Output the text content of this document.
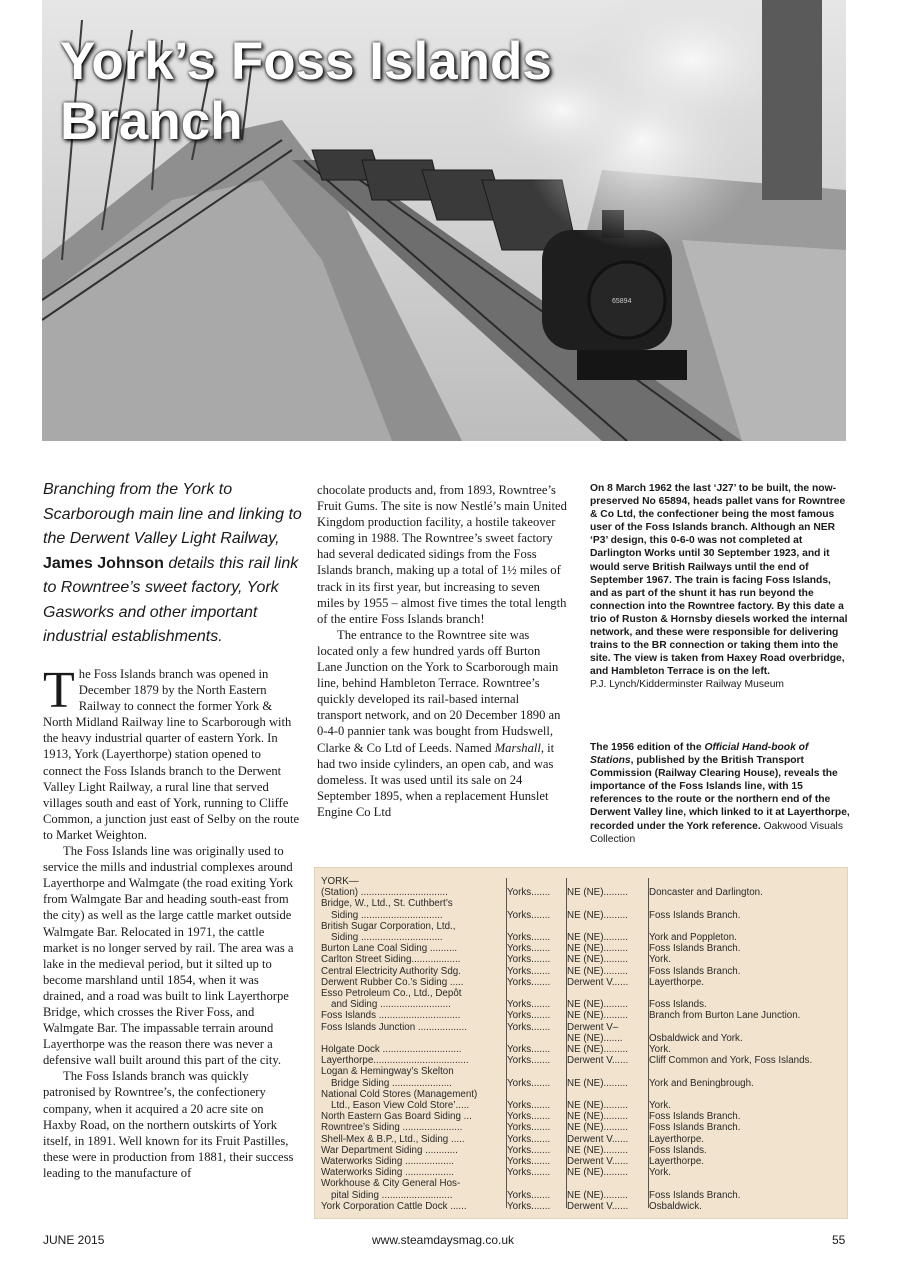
65894
York’s Foss Islands
Branch
Branching from the York to Scarborough main line and linking to the Derwent Valley Light Railway, James Johnson details this rail link to Rowntree’s sweet factory, York Gasworks and other important industrial establishments.

The Foss Islands branch was opened in December 1879 by the North Eastern Railway to connect the former York & North Midland Railway line to Scarborough with the heavy industrial quarter of eastern York. In 1913, York (Layerthorpe) station opened to connect the Foss Islands branch to the Derwent Valley Light Railway, a rural line that served villages south and east of York, running to Cliffe Common, a junction just east of Selby on the route to Market Weighton.

The Foss Islands line was originally used to service the mills and industrial complexes around Layerthorpe and Walmgate (the road exiting York from Walmgate Bar and heading south-east from the city) as well as the large cattle market outside Walmgate Bar. Relocated in 1971, the cattle market is no longer served by rail. The area was a lake in the medieval period, but it silted up to become marshland until 1854, when it was drained, and a road was built to link Layerthorpe Bridge, which crosses the River Foss, and Walmgate Bar. The impassable terrain around Layerthorpe was the reason there was never a defensive wall built around this part of the city.

The Foss Islands branch was quickly patronised by Rowntree’s, the confectionery company, when it acquired a 20 acre site on Haxby Road, on the northern outskirts of York itself, in 1891. Well known for its Fruit Pastilles, these were in production from 1881, their success leading to the manufacture of

chocolate products and, from 1893, Rowntree’s Fruit Gums. The site is now Nestlé’s main United Kingdom production facility, a hostile takeover coming in 1988. The Rowntree’s sweet factory had several dedicated sidings from the Foss Islands branch, making up a total of 1½ miles of track in its first year, but increasing to seven miles by 1955 – almost five times the total length of the entire Foss Islands branch!

The entrance to the Rowntree site was located only a few hundred yards off Burton Lane Junction on the York to Scarborough main line, behind Hambleton Terrace. Rowntree’s quickly developed its rail-based internal transport network, and on 20 December 1890 an 0-4-0 pannier tank was bought from Hudswell, Clarke & Co Ltd of Leeds. Named Marshall, it had two inside cylinders, an open cab, and was domeless. It was used until its sale on 24 September 1895, when a replacement Hunslet Engine Co Ltd

On 8 March 1962 the last ‘J27’ to be built, the now-preserved No 65894, heads pallet vans for Rowntree & Co Ltd, the confectioner being the most famous user of the Foss Islands branch. Although an NER ‘P3’ design, this 0-6-0 was not completed at Darlington Works until 30 September 1923, and it would serve British Railways until the end of September 1967. The train is facing Foss Islands, and as part of the shunt it has run beyond the connection into the Rowntree factory. By this date a trio of Ruston & Hornsby diesels worked the internal network, and these were responsible for delivering trains to the BR connection or taking them into the site. The view is taken from Haxey Road overbridge, and Hambleton Terrace is on the left.
P.J. Lynch/Kidderminster Railway Museum
The 1956 edition of the Official Hand-book of Stations, published by the British Transport Commission (Railway Clearing House), reveals the importance of the Foss Islands line, with 15 references to the route or the northern end of the Derwent Valley line, which linked to it at Layerthorpe, recorded under the York reference. Oakwood Visuals Collection
YORK—
(Station) ................................	Yorks.......	NE (NE).........	Doncaster and Darlington.
Bridge, W., Ltd., St. Cuthbert’s
Siding ..............................	Yorks.......	NE (NE).........	Foss Islands Branch.
British Sugar Corporation, Ltd.,
Siding ..............................	Yorks.......	NE (NE).........	York and Poppleton.
Burton Lane Coal Siding ..........	Yorks.......	NE (NE).........	Foss Islands Branch.
Carlton Street Siding..................	Yorks.......	NE (NE).........	York.
Central Electricity Authority Sdg.	Yorks.......	NE (NE).........	Foss Islands Branch.
Derwent Rubber Co.’s Siding .....	Yorks.......	Derwent V......	Layerthorpe.
Esso Petroleum Co., Ltd., Depôt
and Siding ..........................	Yorks.......	NE (NE).........	Foss Islands.
Foss Islands ..............................	Yorks.......	NE (NE).........	Branch from Burton Lane Junction.
Foss Islands Junction ..................	Yorks.......	Derwent V–
NE (NE).......	Osbaldwick and York.
Holgate Dock .............................	Yorks.......	NE (NE).........	York.
Layerthorpe...................................	Yorks.......	Derwent V......	Cliff Common and York, Foss Islands.
Logan & Hemingway’s Skelton
Bridge Siding ......................	Yorks.......	NE (NE).........	York and Beningbrough.
National Cold Stores (Management)
Ltd., Eason View Cold Store’.....	Yorks.......	NE (NE).........	York.
North Eastern Gas Board Siding ...	Yorks.......	NE (NE).........	Foss Islands Branch.
Rowntree’s Siding ......................	Yorks.......	NE (NE).........	Foss Islands Branch.
Shell-Mex & B.P., Ltd., Siding .....	Yorks.......	Derwent V......	Layerthorpe.
War Department Siding ............	Yorks.......	NE (NE).........	Foss Islands.
Waterworks Siding ..................	Yorks.......	Derwent V......	Layerthorpe.
Waterworks Siding ..................	Yorks.......	NE (NE).........	York.
Workhouse & City General Hos-
pital Siding ..........................	Yorks.......	NE (NE).........	Foss Islands Branch.
York Corporation Cattle Dock ......	Yorks.......	Derwent V......	Osbaldwick.
JUNE 2015	www.steamdaysmag.co.uk	55
